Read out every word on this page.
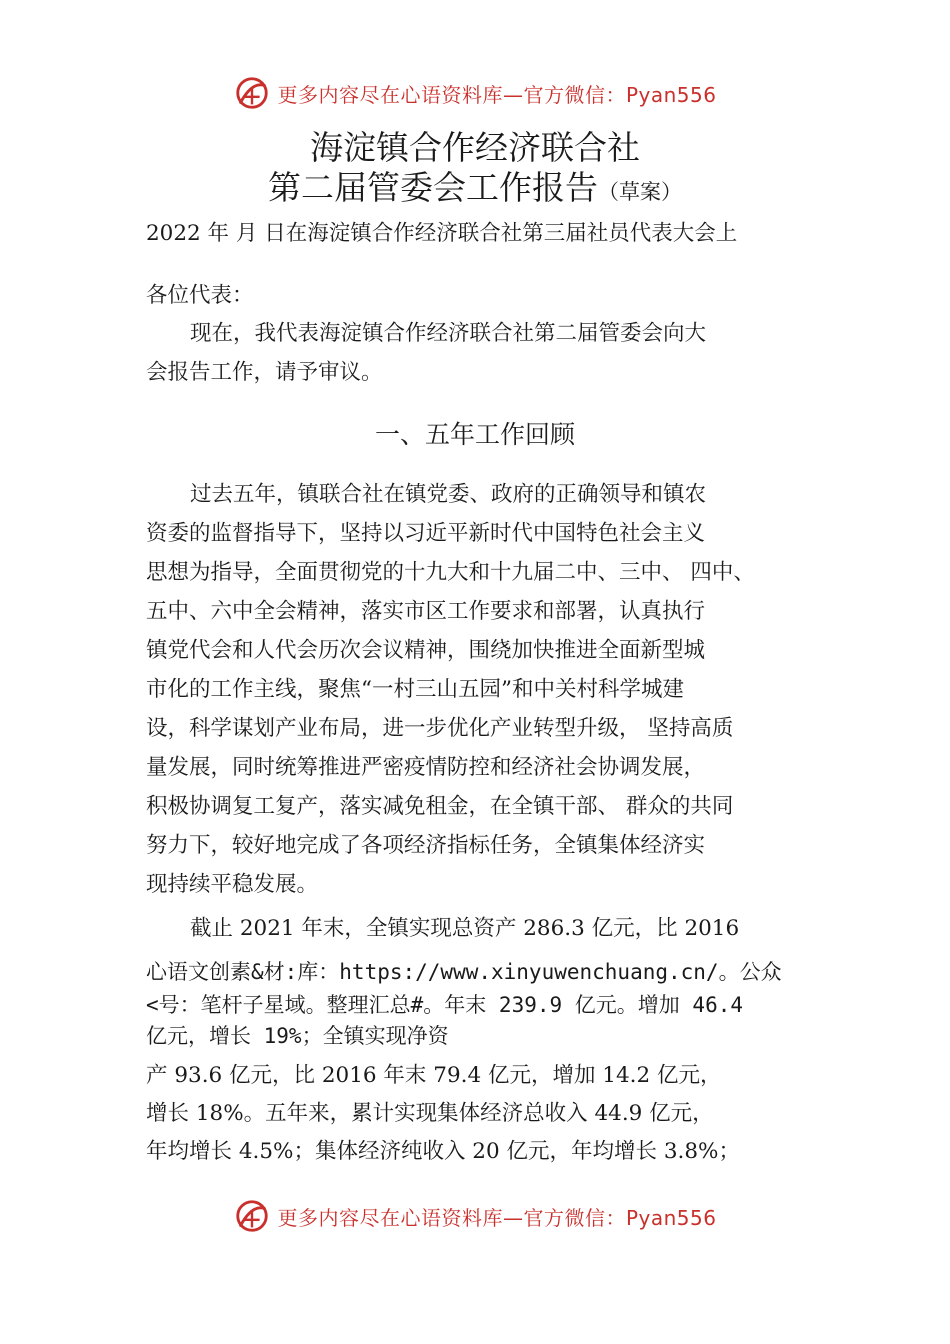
更多内容尽在心语资料库—官方微信：Pyan556
海淀镇合作经济联合社
第二届管委会工作报告（草案）

2022 年 月 日在海淀镇合作经济联合社第三届社员代表大会上

各位代表：

现在，我代表海淀镇合作经济联合社第二届管委会向大

会报告工作，请予审议。

一、五年工作回顾

过去五年，镇联合社在镇党委、政府的正确领导和镇农

资委的监督指导下，坚持以习近平新时代中国特色社会主义

思想为指导，全面贯彻党的十九大和十九届二中、三中、 四中、

五中、六中全会精神，落实市区工作要求和部署，认真执行

镇党代会和人代会历次会议精神，围绕加快推进全面新型城

市化的工作主线，聚焦“一村三山五园”和中关村科学城建

设，科学谋划产业布局，进一步优化产业转型升级， 坚持高质

量发展，同时统筹推进严密疫情防控和经济社会协调发展，

积极协调复工复产，落实减免租金，在全镇干部、 群众的共同

努力下，较好地完成了各项经济指标任务，全镇集体经济实

现持续平稳发展。

截止 2021 年末，全镇实现总资产 286.3 亿元，比 2016

心语文创素&材:库：https://www.xinyuwenchuang.cn/。公众

<号：笔杆子星域。整理汇总#。年末 239.9 亿元。增加 46.4

亿元，增长 19%；全镇实现净资

产 93.6 亿元，比 2016 年末 79.4 亿元，增加 14.2 亿元，

增长 18%。五年来，累计实现集体经济总收入 44.9 亿元，

年均增长 4.5%；集体经济纯收入 20 亿元，年均增长 3.8%；

更多内容尽在心语资料库—官方微信：Pyan556
